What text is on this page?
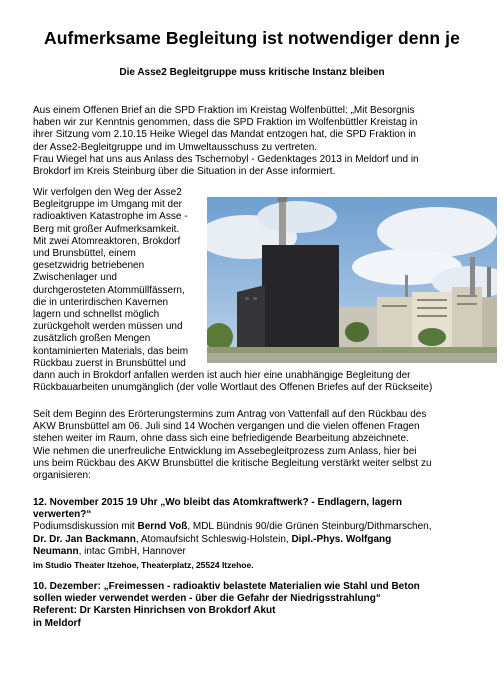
Aufmerksame Begleitung ist notwendiger denn je
Die Asse2 Begleitgruppe muss kritische Instanz bleiben
Aus einem Offenen Brief an die SPD Fraktion im Kreistag Wolfenbüttel: „Mit Besorgnis
haben wir zur Kenntnis genommen, dass die SPD Fraktion im Wolfenbüttler Kreistag in
ihrer Sitzung vom 2.10.15 Heike Wiegel das Mandat entzogen hat, die SPD Fraktion in
der Asse2-Begleitgruppe und im Umweltausschuss zu vertreten.
Frau Wiegel hat uns aus Anlass des Tschernobyl - Gedenktages 2013 in Meldorf und in
Brokdorf im Kreis Steinburg über die Situation in der Asse informiert.
Wir verfolgen den Weg der Asse2
Begleitgruppe im Umgang mit der
radioaktiven Katastrophe im Asse -
Berg mit großer Aufmerksamkeit.
Mit zwei Atomreaktoren, Brokdorf
und Brunsbüttel, einem
gesetzwidrig betriebenen
Zwischenlager und
durchgerosteten Atommüllfässern,
die in unterirdischen Kavernen
lagern und schnellst möglich
zurückgeholt werden müssen und
zusätzlich großen Mengen
kontaminierten Materials, das beim
Rückbau zuerst in Brunsbüttel und
dann auch in Brokdorf anfallen werden ist auch hier eine unabhängige Begleitung der
Rückbauarbeiten unumgänglich (der volle Wortlaut des Offenen Briefes auf der Rückseite)
Seit dem Beginn des Erörterungstermins zum Antrag von Vattenfall auf den Rückbau des
AKW Brunsbüttel am 06. Juli sind 14 Wochen vergangen und die vielen offenen Fragen
stehen weiter im Raum, ohne dass sich eine befriedigende Bearbeitung abzeichnete.
Wie nehmen die unerfreuliche Entwicklung im Assebegleitprozess zum Anlass, hier bei
uns beim Rückbau des AKW Brunsbüttel die kritische Begleitung verstärkt weiter selbst zu
organisieren:
12. November 2015 19 Uhr „Wo bleibt das Atomkraftwerk? - Endlagern, lagern
verwerten?“
Podiumsdiskussion mit Bernd Voß, MDL Bündnis 90/die Grünen Steinburg/Dithmarschen,
Dr. Dr. Jan Backmann, Atomaufsicht Schleswig-Holstein, Dipl.-Phys. Wolfgang
Neumann, intac GmbH, Hannover
im Studio Theater Itzehoe, Theaterplatz, 25524 Itzehoe.
10. Dezember: „Freimessen - radioaktiv belastete Materialien wie Stahl und Beton
sollen wieder verwendet werden - über die Gefahr der Niedrigsstrahlung“
Referent: Dr Karsten Hinrichsen von Brokdorf Akut
in Meldorf
